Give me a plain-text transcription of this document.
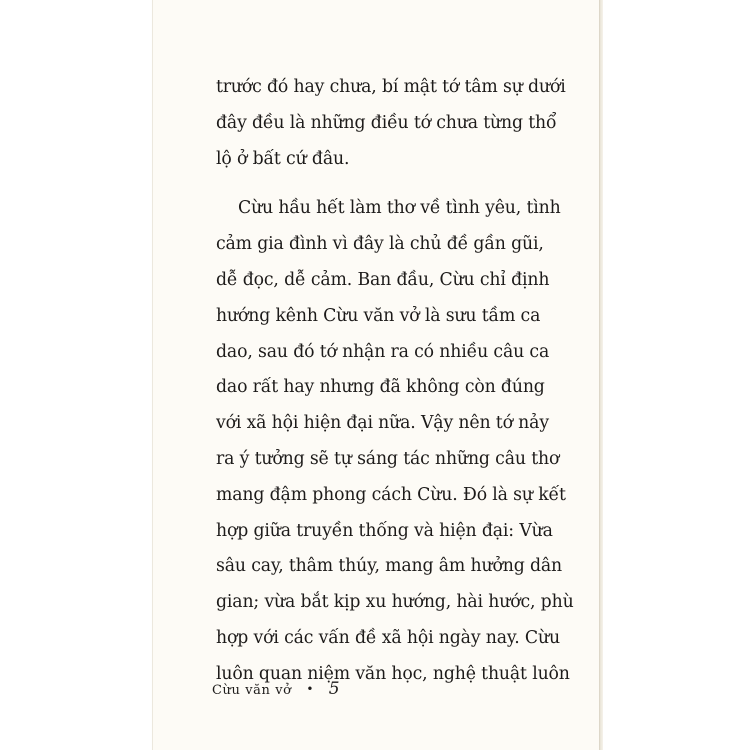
trước đó hay chưa, bí mật tớ tâm sự dưới
đây đều là những điều tớ chưa từng thổ
lộ ở bất cứ đâu.
Cừu hầu hết làm thơ về tình yêu, tình
cảm gia đình vì đây là chủ đề gần gũi,
dễ đọc, dễ cảm. Ban đầu, Cừu chỉ định
hướng kênh Cừu văn vở là sưu tầm ca
dao, sau đó tớ nhận ra có nhiều câu ca
dao rất hay nhưng đã không còn đúng
với xã hội hiện đại nữa. Vậy nên tớ nảy
ra ý tưởng sẽ tự sáng tác những câu thơ
mang đậm phong cách Cừu. Đó là sự kết
hợp giữa truyền thống và hiện đại: Vừa
sâu cay, thâm thúy, mang âm hưởng dân
gian; vừa bắt kịp xu hướng, hài hước, phù
hợp với các vấn đề xã hội ngày nay. Cừu
luôn quan niệm văn học, nghệ thuật luôn
Cừu văn vở • 5
